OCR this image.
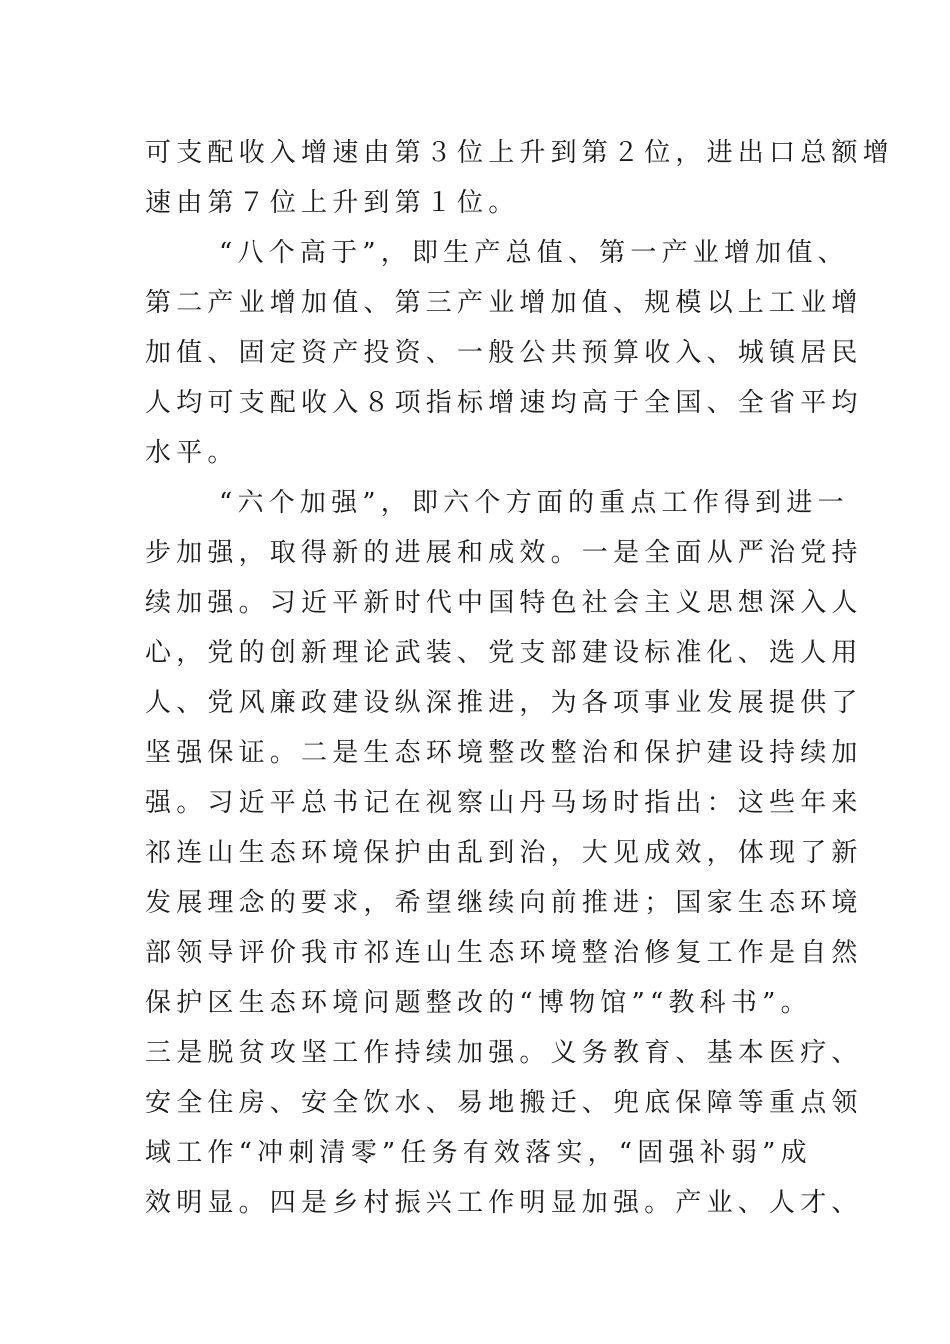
可支配收入增速由第３位上升到第２位，进出口总额增
速由第７位上升到第１位。
“八个高于”，即生产总值、第一产业增加值、
第二产业增加值、第三产业增加值、规模以上工业增
加值、固定资产投资、一般公共预算收入、城镇居民
人均可支配收入８项指标增速均高于全国、全省平均
水平。
“六个加强”，即六个方面的重点工作得到进一
步加强，取得新的进展和成效。一是全面从严治党持
续加强。习近平新时代中国特色社会主义思想深入人
心，党的创新理论武装、党支部建设标准化、选人用
人、党风廉政建设纵深推进，为各项事业发展提供了
坚强保证。二是生态环境整改整治和保护建设持续加
强。习近平总书记在视察山丹马场时指出：这些年来
祁连山生态环境保护由乱到治，大见成效，体现了新
发展理念的要求，希望继续向前推进；国家生态环境
部领导评价我市祁连山生态环境整治修复工作是自然
保护区生态环境问题整改的“博物馆”“教科书”。
三是脱贫攻坚工作持续加强。义务教育、基本医疗、
安全住房、安全饮水、易地搬迁、兜底保障等重点领
域工作“冲刺清零”任务有效落实，“固强补弱”成
效明显。四是乡村振兴工作明显加强。产业、人才、
